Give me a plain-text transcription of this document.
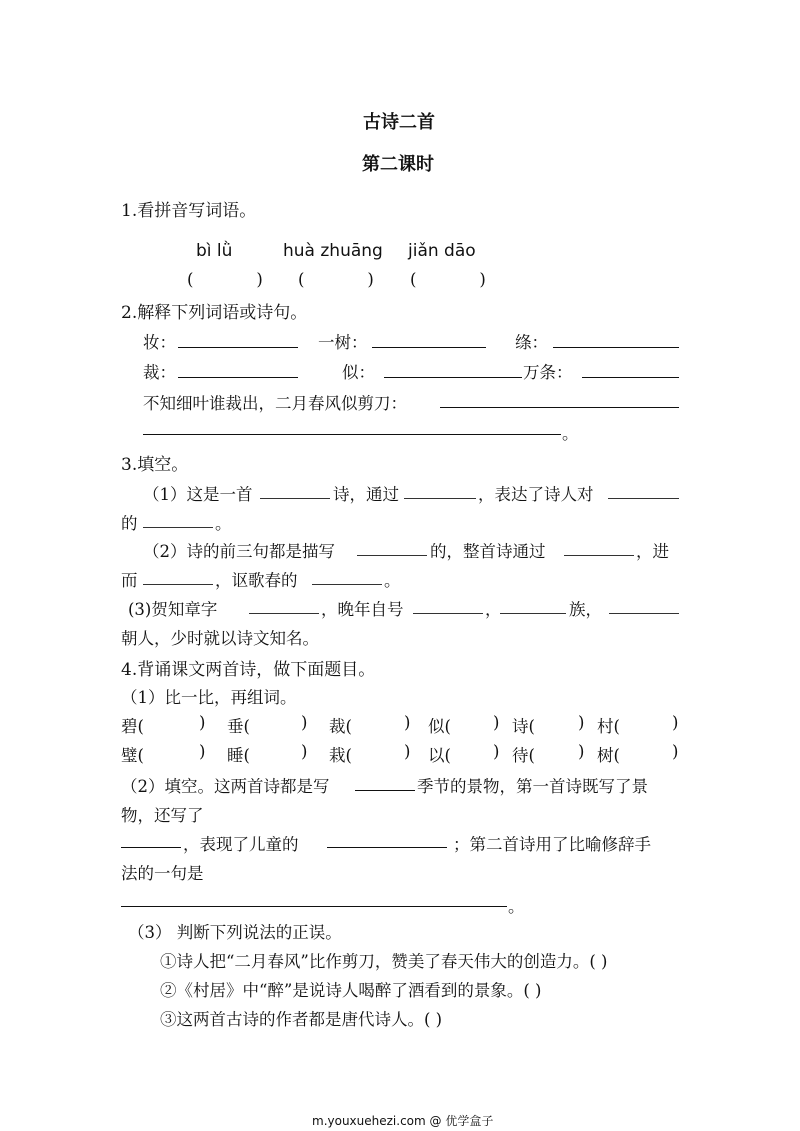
古诗二首
第二课时
1.看拼音写词语。
bì lǜ	huà zhuāng jiǎn dāo
(            ) (            ) (            )
2.解释下列词语或诗句。
妆：	一树：	绦：
裁：	似：	万条：
不知细叶谁裁出，二月春风似剪刀：
。
3.填空。
（1）这是一首	诗，通过	，表达了诗人对
的	。
（2）诗的前三句都是描写	的，整首诗通过	，进
而	，讴歌春的	。
(3)贺知章字	，晚年自号	，	族，
朝人，少时就以诗文知名。
4.背诵课文两首诗，做下面题目。
（1）比一比，再组词。
碧(	) 垂(	) 裁(	) 似(	) 诗(	) 村(	)
璧(	) 睡(	) 栽(	) 以(	) 待(	) 树(	)
（2）填空。这两首诗都是写	季节的景物，第一首诗既写了景
物，还写了
，表现了儿童的	；第二首诗用了比喻修辞手
法的一句是
。
（3） 判断下列说法的正误。
①诗人把“二月春风”比作剪刀，赞美了春天伟大的创造力。( )
②《村居》中“醉”是说诗人喝醉了酒看到的景象。( )
③这两首古诗的作者都是唐代诗人。( )
m.youxuehezi.com @ 优学盒子
